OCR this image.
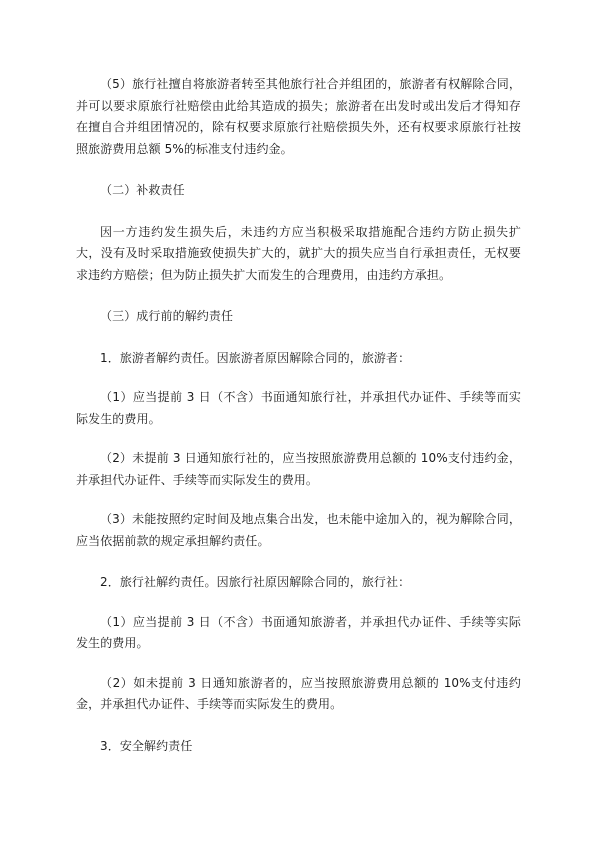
（5）旅行社擅自将旅游者转至其他旅行社合并组团的，旅游者有权解除合同，并可以要求原旅行社赔偿由此给其造成的损失；旅游者在出发时或出发后才得知存在擅自合并组团情况的，除有权要求原旅行社赔偿损失外，还有权要求原旅行社按照旅游费用总额 5%的标准支付违约金。

（二）补救责任

因一方违约发生损失后，未违约方应当积极采取措施配合违约方防止损失扩大，没有及时采取措施致使损失扩大的，就扩大的损失应当自行承担责任，无权要求违约方赔偿；但为防止损失扩大而发生的合理费用，由违约方承担。

（三）成行前的解约责任

1．旅游者解约责任。因旅游者原因解除合同的，旅游者：

（1）应当提前 3 日（不含）书面通知旅行社，并承担代办证件、手续等而实际发生的费用。

（2）未提前 3 日通知旅行社的，应当按照旅游费用总额的 10%支付违约金，并承担代办证件、手续等而实际发生的费用。

（3）未能按照约定时间及地点集合出发，也未能中途加入的，视为解除合同，应当依据前款的规定承担解约责任。

2．旅行社解约责任。因旅行社原因解除合同的，旅行社：

（1）应当提前 3 日（不含）书面通知旅游者，并承担代办证件、手续等实际发生的费用。

（2）如未提前 3 日通知旅游者的，应当按照旅游费用总额的 10%支付违约金，并承担代办证件、手续等而实际发生的费用。

3．安全解约责任
